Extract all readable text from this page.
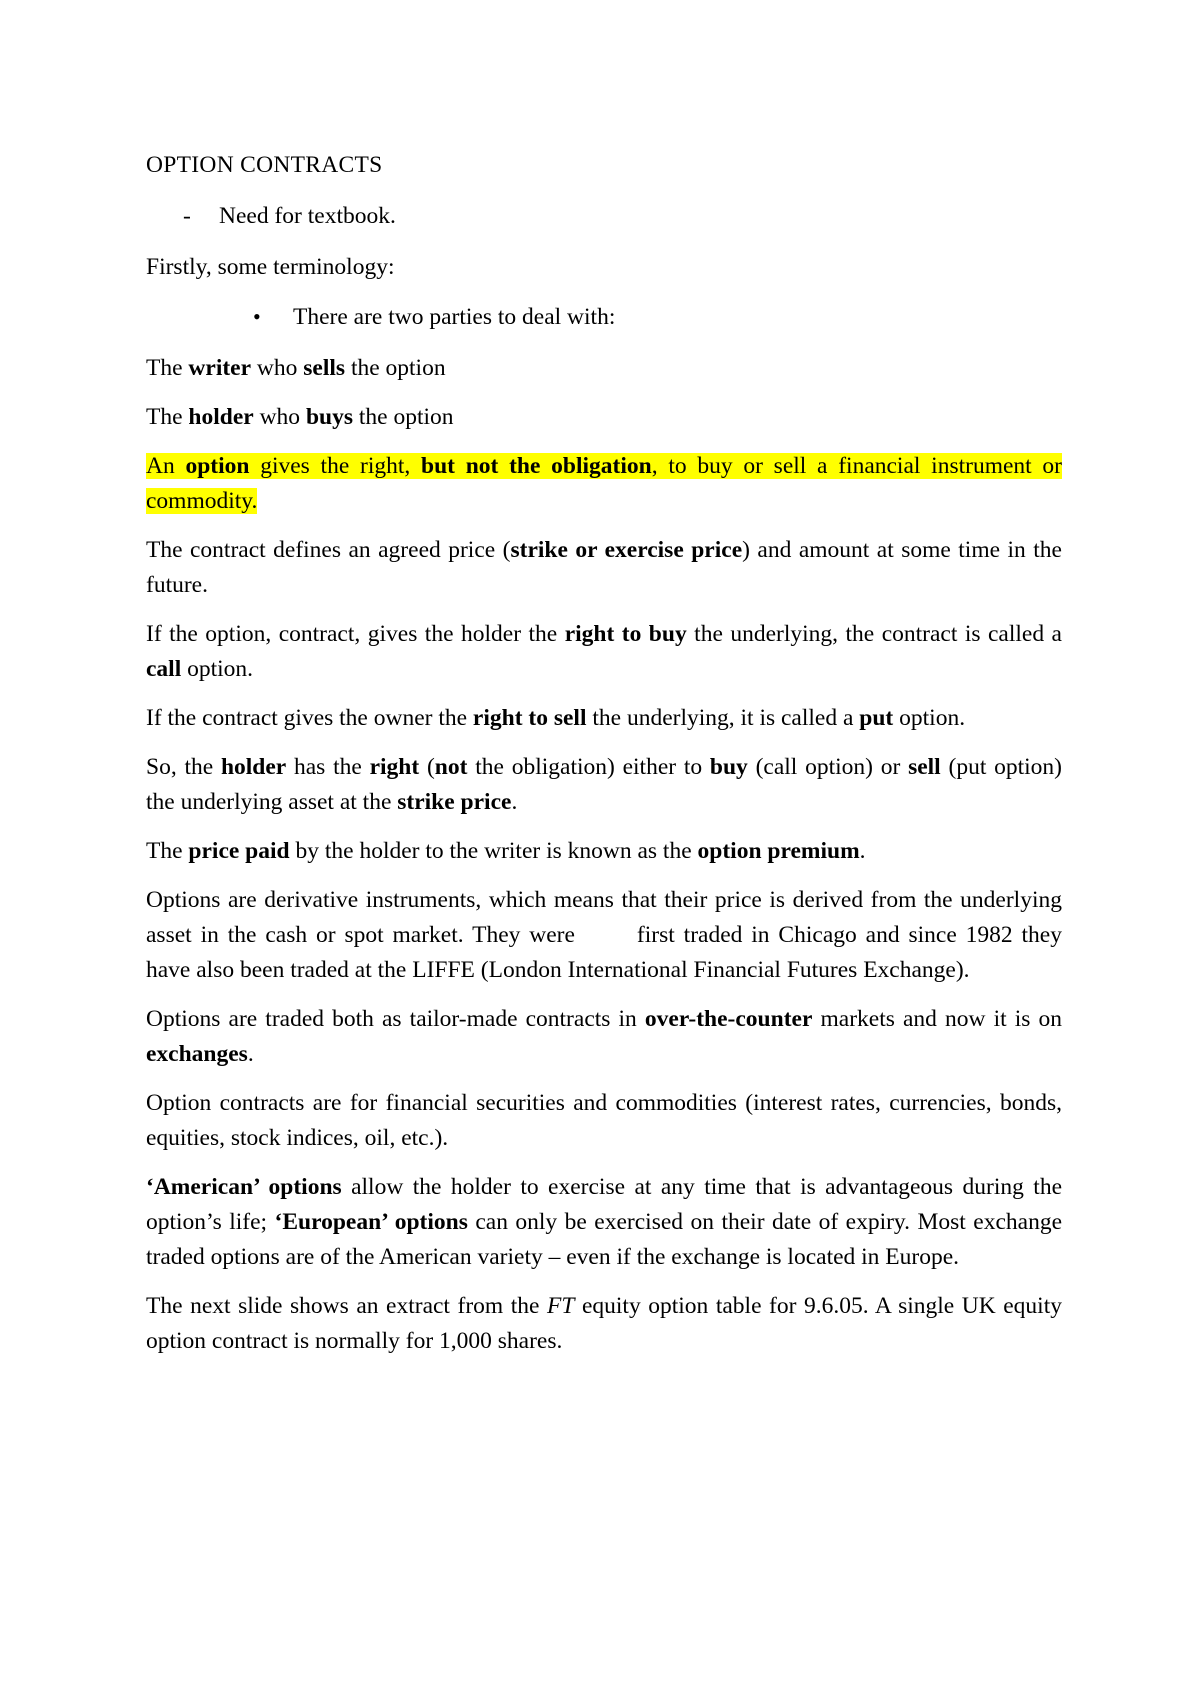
OPTION CONTRACTS

- Need for textbook.

Firstly, some terminology:

• There are two parties to deal with:

The writer who sells the option

The holder who buys the option

An option gives the right, but not the obligation, to buy or sell a financial instrument or commodity.

The contract defines an agreed price (strike or exercise price) and amount at some time in the future.

If the option, contract, gives the holder the right to buy the underlying, the contract is called a call option.

If the contract gives the owner the right to sell the underlying, it is called a put option.

So, the holder has the right (not the obligation) either to buy (call option) or sell (put option) the underlying asset at the strike price.

The price paid by the holder to the writer is known as the option premium.

Options are derivative instruments, which means that their price is derived from the underlying asset in the cash or spot market. They were	first traded in Chicago and since 1982 they have also been traded at the LIFFE (London International Financial Futures Exchange).

Options are traded both as tailor-made contracts in over-the-counter markets and now it is on exchanges.

Option contracts are for financial securities and commodities (interest rates, currencies, bonds, equities, stock indices, oil, etc.).

‘American’ options allow the holder to exercise at any time that is advantageous during the option’s life; ‘European’ options can only be exercised on their date of expiry. Most exchange traded options are of the American variety – even if the exchange is located in Europe.

The next slide shows an extract from the FT equity option table for 9.6.05. A single UK equity option contract is normally for 1,000 shares.
